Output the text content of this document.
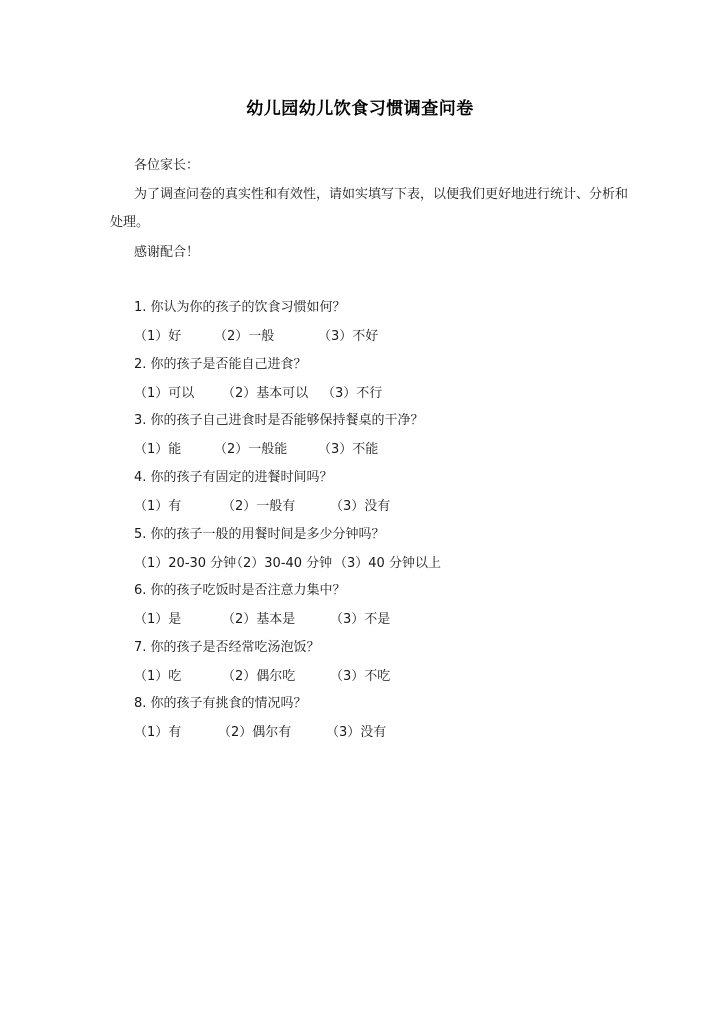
幼儿园幼儿饮食习惯调查问卷
各位家长：
为了调查问卷的真实性和有效性，请如实填写下表，以便我们更好地进行统计、分析和
处理。
感谢配合！
1. 你认为你的孩子的饮食习惯如何？
（1）好	（2）一般	（3）不好
2. 你的孩子是否能自己进食？
（1）可以 （2）基本可以 （3）不行
3. 你的孩子自己进食时是否能够保持餐桌的干净？
（1）能	（2）一般能 （3）不能
4. 你的孩子有固定的进餐时间吗？
（1）有	（2）一般有	（3）没有
5. 你的孩子一般的用餐时间是多少分钟吗？
（1）20-30 分钟
（2）30-40 分钟 （3）40 分钟以上
6. 你的孩子吃饭时是否注意力集中？
（1）是	（2）基本是	（3）不是
7. 你的孩子是否经常吃汤泡饭？
（1）吃	（2）偶尔吃	（3）不吃
8. 你的孩子有挑食的情况吗？
（1）有	（2）偶尔有	（3）没有
